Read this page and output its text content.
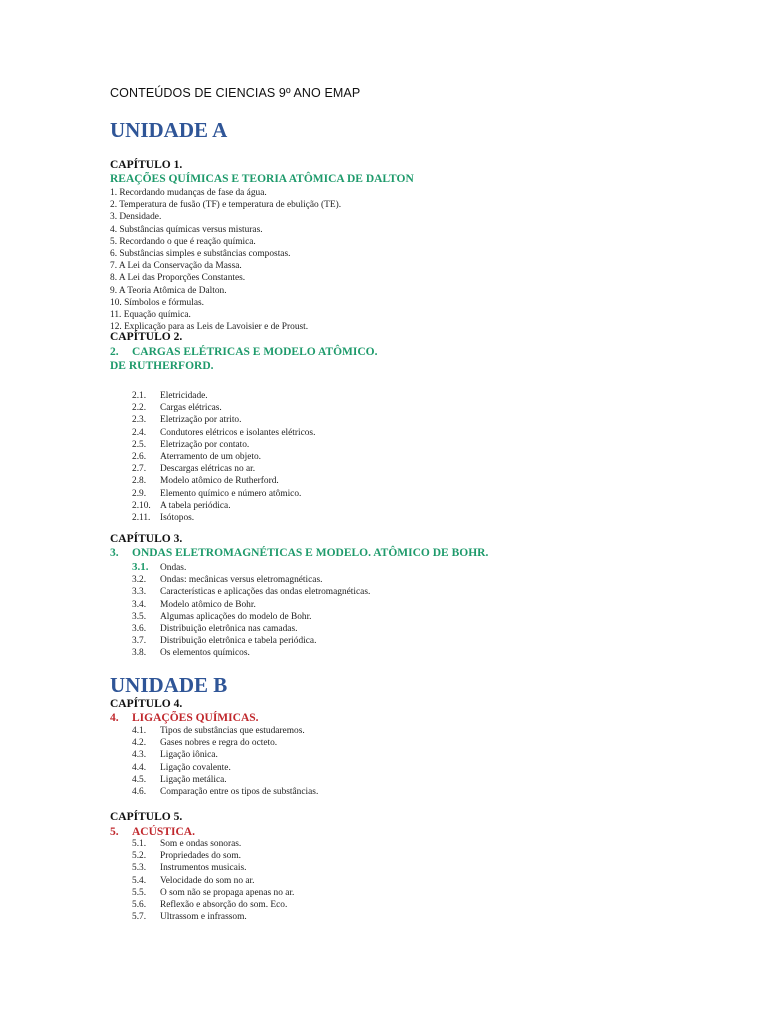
CONTEÚDOS DE CIENCIAS 9º ANO EMAP
UNIDADE A
CAPÍTULO 1.
REAÇÕES QUÍMICAS E TEORIA ATÔMICA DE DALTON
1. Recordando mudanças de fase da água.
2. Temperatura de fusão (TF) e temperatura de ebulição (TE).
3. Densidade.
4. Substâncias químicas versus misturas.
5. Recordando o que é reação química.
6. Substâncias simples e substâncias compostas.
7. A Lei da Conservação da Massa.
8. A Lei das Proporções Constantes.
9. A Teoria Atômica de Dalton.
10. Símbolos e fórmulas.
11. Equação química.
12. Explicação para as Leis de Lavoisier e de Proust.
CAPÍTULO 2.
2. CARGAS ELÉTRICAS E MODELO ATÔMICO.
DE RUTHERFORD.
2.1. Eletricidade.
2.2. Cargas elétricas.
2.3. Eletrização por atrito.
2.4. Condutores elétricos e isolantes elétricos.
2.5. Eletrização por contato.
2.6. Aterramento de um objeto.
2.7. Descargas elétricas no ar.
2.8. Modelo atômico de Rutherford.
2.9. Elemento químico e número atômico.
2.10. A tabela periódica.
2.11. Isótopos.
CAPÍTULO 3.
3. ONDAS ELETROMAGNÉTICAS E MODELO. ATÔMICO DE BOHR.
3.1. Ondas.
3.2. Ondas: mecânicas versus eletromagnéticas.
3.3. Características e aplicações das ondas eletromagnéticas.
3.4. Modelo atômico de Bohr.
3.5. Algumas aplicações do modelo de Bohr.
3.6. Distribuição eletrônica nas camadas.
3.7. Distribuição eletrônica e tabela periódica.
3.8. Os elementos químicos.
UNIDADE B
CAPÍTULO 4.
4. LIGAÇÕES QUÍMICAS.
4.1. Tipos de substâncias que estudaremos.
4.2. Gases nobres e regra do octeto.
4.3. Ligação iônica.
4.4. Ligação covalente.
4.5. Ligação metálica.
4.6. Comparação entre os tipos de substâncias.
CAPÍTULO 5.
5. ACÚSTICA.
5.1. Som e ondas sonoras.
5.2. Propriedades do som.
5.3. Instrumentos musicais.
5.4. Velocidade do som no ar.
5.5. O som não se propaga apenas no ar.
5.6. Reflexão e absorção do som. Eco.
5.7. Ultrassom e infrassom.
